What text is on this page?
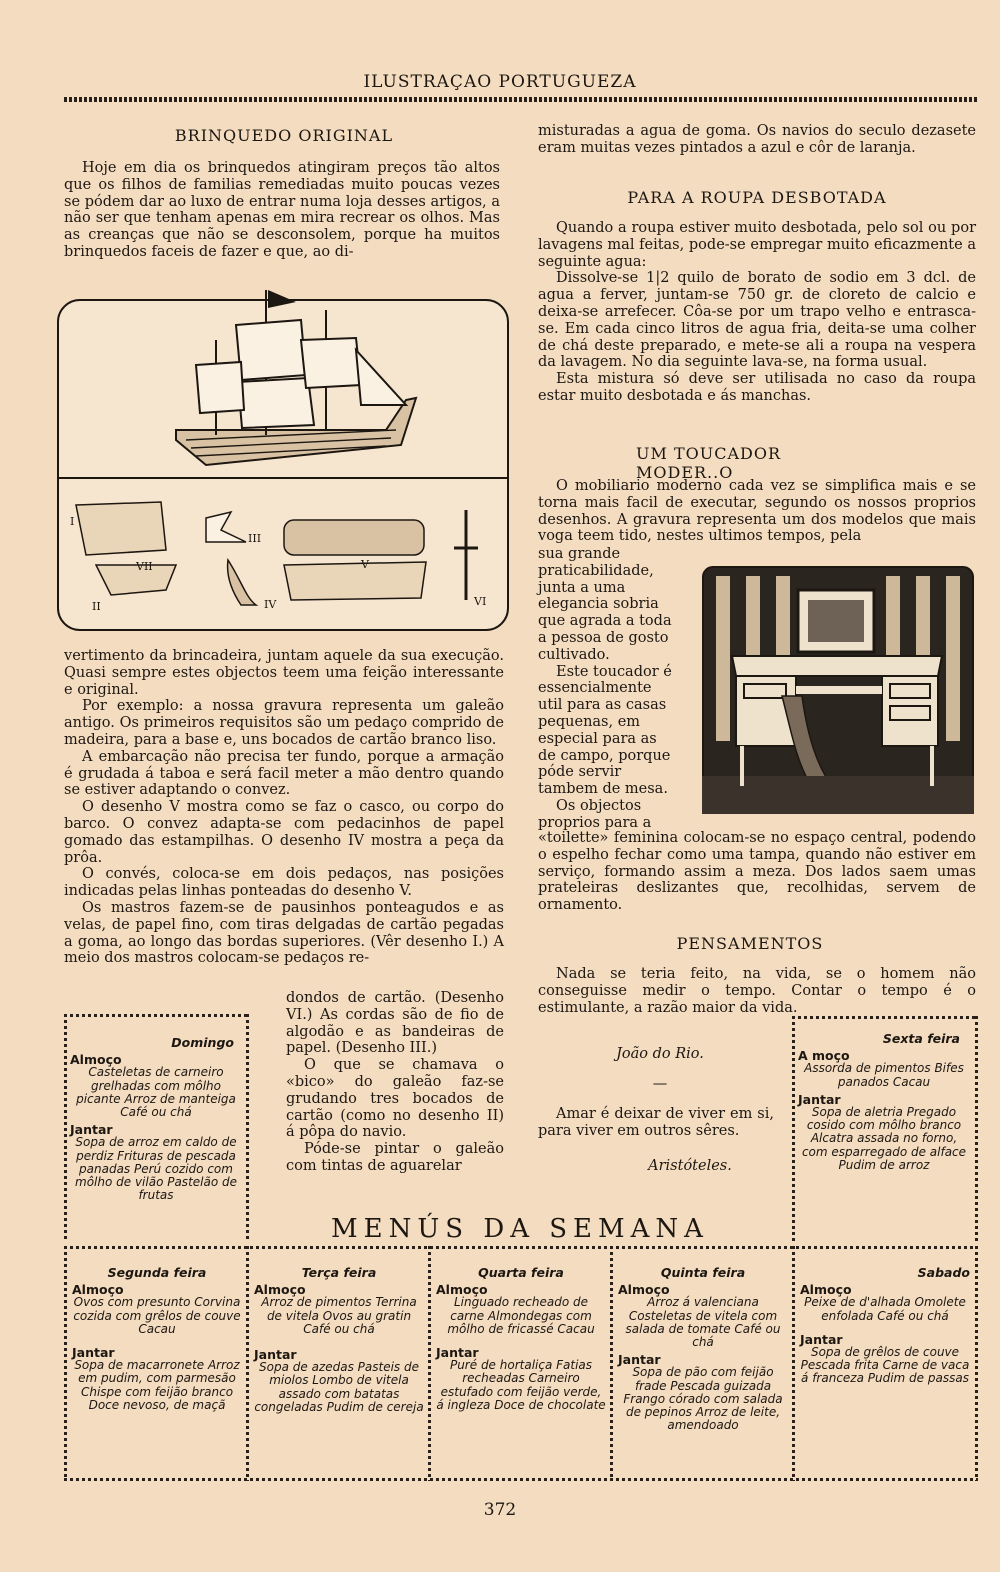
ILUSTRAÇAO PORTUGUEZA
BRINQUEDO ORIGINAL

Hoje em dia os brinquedos atingiram preços tão altos que os filhos de familias remediadas muito poucas vezes se pódem dar ao luxo de entrar numa loja desses artigos, a não ser que tenham apenas em mira recrear os olhos. Mas as creanças que não se desconsolem, porque ha muitos brinquedos faceis de fazer e que, ao di-

I
II
III
IV
V
VI
VII

vertimento da brincadeira, juntam aquele da sua execução. Quasi sempre estes objectos teem uma feição interessante e original.

Por exemplo: a nossa gravura representa um galeão antigo. Os primeiros requisitos são um pedaço comprido de madeira, para a base e, uns bocados de cartão branco liso.

A embarcação não precisa ter fundo, porque a armação é grudada á taboa e será facil meter a mão dentro quando se estiver adaptando o convez.

O desenho V mostra como se faz o casco, ou corpo do barco. O convez adapta-se com pedacinhos de papel gomado das estampilhas. O desenho IV mostra a peça da prôa.

O convés, coloca-se em dois pedaços, nas posições indicadas pelas linhas ponteadas do desenho V.

Os mastros fazem-se de pausinhos ponteagudos e as velas, de papel fino, com tiras delgadas de cartão pegadas a goma, ao longo das bordas superiores. (Vêr desenho I.) A meio dos mastros colocam-se pedaços re-

dondos de cartão. (Desenho VI.) As cordas são de fio de algodão e as bandeiras de papel. (Desenho III.)

O que se chamava o «bico» do galeão faz-se grudando tres bocados de cartão (como no desenho II) á pôpa do navio.

Póde-se pintar o galeão com tintas de aguarelar

misturadas a agua de goma. Os navios do seculo dezasete eram muitas vezes pintados a azul e côr de laranja.

PARA A ROUPA DESBOTADA

Quando a roupa estiver muito desbotada, pelo sol ou por lavagens mal feitas, pode-se empregar muito eficazmente a seguinte agua:

Dissolve-se 1|2 quilo de borato de sodio em 3 dcl. de agua a ferver, juntam-se 750 gr. de cloreto de calcio e deixa-se arrefecer. Côa-se por um trapo velho e entrasca-se. Em cada cinco litros de agua fria, deita-se uma colher de chá deste preparado, e mete-se ali a roupa na vespera da lavagem. No dia seguinte lava-se, na forma usual.

Esta mistura só deve ser utilisada no caso da roupa estar muito desbotada e ás manchas.

UM TOUCADOR MODER..O

O mobiliario moderno cada vez se simplifica mais e se torna mais facil de executar, segundo os nossos proprios desenhos. A gravura representa um dos modelos que mais voga teem tido, nestes ultimos tempos, pela

sua grande praticabilidade, junta a uma elegancia sobria que agrada a toda a pessoa de gosto cultivado.

Este toucador é essencialmente util para as casas pequenas, em especial para as de campo, porque póde servir tambem de mesa.

Os objectos proprios para a

«toilette» feminina colocam-se no espaço central, podendo o espelho fechar como uma tampa, quando não estiver em serviço, formando assim a meza. Dos lados saem umas prateleiras deslizantes que, recolhidas, servem de ornamento.

PENSAMENTOS

Nada se teria feito, na vida, se o homem não conseguisse medir o tempo. Contar o tempo é o estimulante, a razão maior da vida.

João do Rio.
—

Amar é deixar de viver em si, para viver em outros sêres.

Aristóteles.
Domingo
Almoço
Casteletas de carneiro grelhadas com môlho picante Arroz de manteiga Café ou chá
Jantar
Sopa de arroz em caldo de perdiz Frituras de pescada panadas Perú cozido com môlho de vilão Pastelão de frutas
Sexta feira
A moço
Assorda de pimentos Bifes panados Cacau
Jantar
Sopa de aletria Pregado cosido com môlho branco Alcatra assada no forno, com esparregado de alface Pudim de arroz
MENÚS DA SEMANA
Segunda feira
Almoço
Ovos com presunto Corvina cozida com grêlos de couve Cacau
Jantar
Sopa de macarronete Arroz em pudim, com parmesão Chispe com feijão branco Doce nevoso, de maçã
Terça feira
Almoço
Arroz de pimentos Terrina de vitela Ovos au gratin Café ou chá
Jantar
Sopa de azedas Pasteis de miolos Lombo de vitela assado com batatas congeladas Pudim de cereja
Quarta feira
Almoço
Linguado recheado de carne Almondegas com môlho de fricassé Cacau
Jantar
Puré de hortaliça Fatias recheadas Carneiro estufado com feijão verde, á ingleza Doce de chocolate
Quinta feira
Almoço
Arroz á valenciana Costeletas de vitela com salada de tomate Café ou chá
Jantar
Sopa de pão com feijão frade Pescada guizada Frango córado com salada de pepinos Arroz de leite, amendoado
Sabado
Almoço
Peixe de d'alhada Omolete enfolada Café ou chá
Jantar
Sopa de grêlos de couve Pescada frita Carne de vaca á franceza Pudim de passas
372
